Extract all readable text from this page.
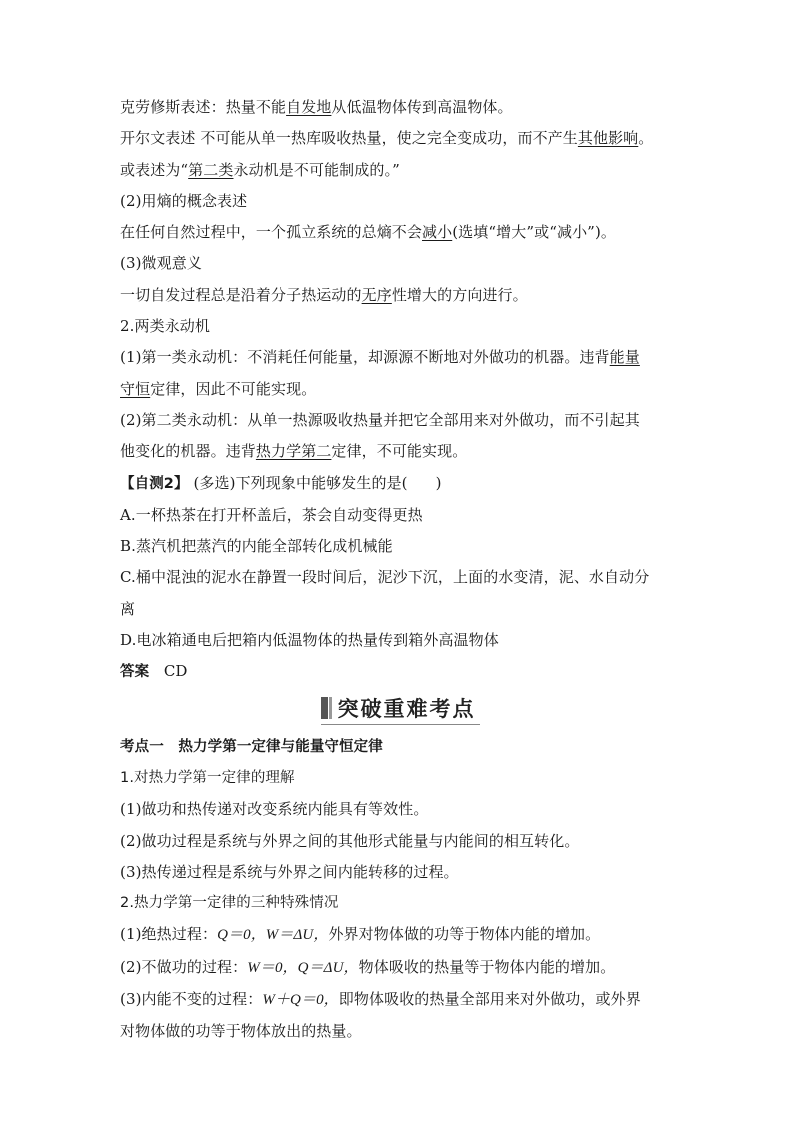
克劳修斯表述：热量不能自发地从低温物体传到高温物体。
开尔文表述 不可能从单一热库吸收热量，使之完全变成功，而不产生其他影响。
或表述为“第二类永动机是不可能制成的。”
(2)用熵的概念表述
在任何自然过程中，一个孤立系统的总熵不会减小(选填“增大”或“减小”)。
(3)微观意义
一切自发过程总是沿着分子热运动的无序性增大的方向进行。
2.两类永动机
(1)第一类永动机：不消耗任何能量，却源源不断地对外做功的机器。违背能量
守恒定律，因此不可能实现。
(2)第二类永动机：从单一热源吸收热量并把它全部用来对外做功，而不引起其
他变化的机器。违背热力学第二定律，不可能实现。
【自测2】 (多选)下列现象中能够发生的是( )
A.一杯热茶在打开杯盖后，茶会自动变得更热
B.蒸汽机把蒸汽的内能全部转化成机械能
C.桶中混浊的泥水在静置一段时间后，泥沙下沉，上面的水变清，泥、水自动分
离
D.电冰箱通电后把箱内低温物体的热量传到箱外高温物体
答案 CD
突破重难考点
考点一 热力学第一定律与能量守恒定律
1.对热力学第一定律的理解
(1)做功和热传递对改变系统内能具有等效性。
(2)做功过程是系统与外界之间的其他形式能量与内能间的相互转化。
(3)热传递过程是系统与外界之间内能转移的过程。
2.热力学第一定律的三种特殊情况
(1)绝热过程：Q＝0，W＝ΔU，外界对物体做的功等于物体内能的增加。
(2)不做功的过程：W＝0，Q＝ΔU，物体吸收的热量等于物体内能的增加。
(3)内能不变的过程：W＋Q＝0，即物体吸收的热量全部用来对外做功，或外界
对物体做的功等于物体放出的热量。
